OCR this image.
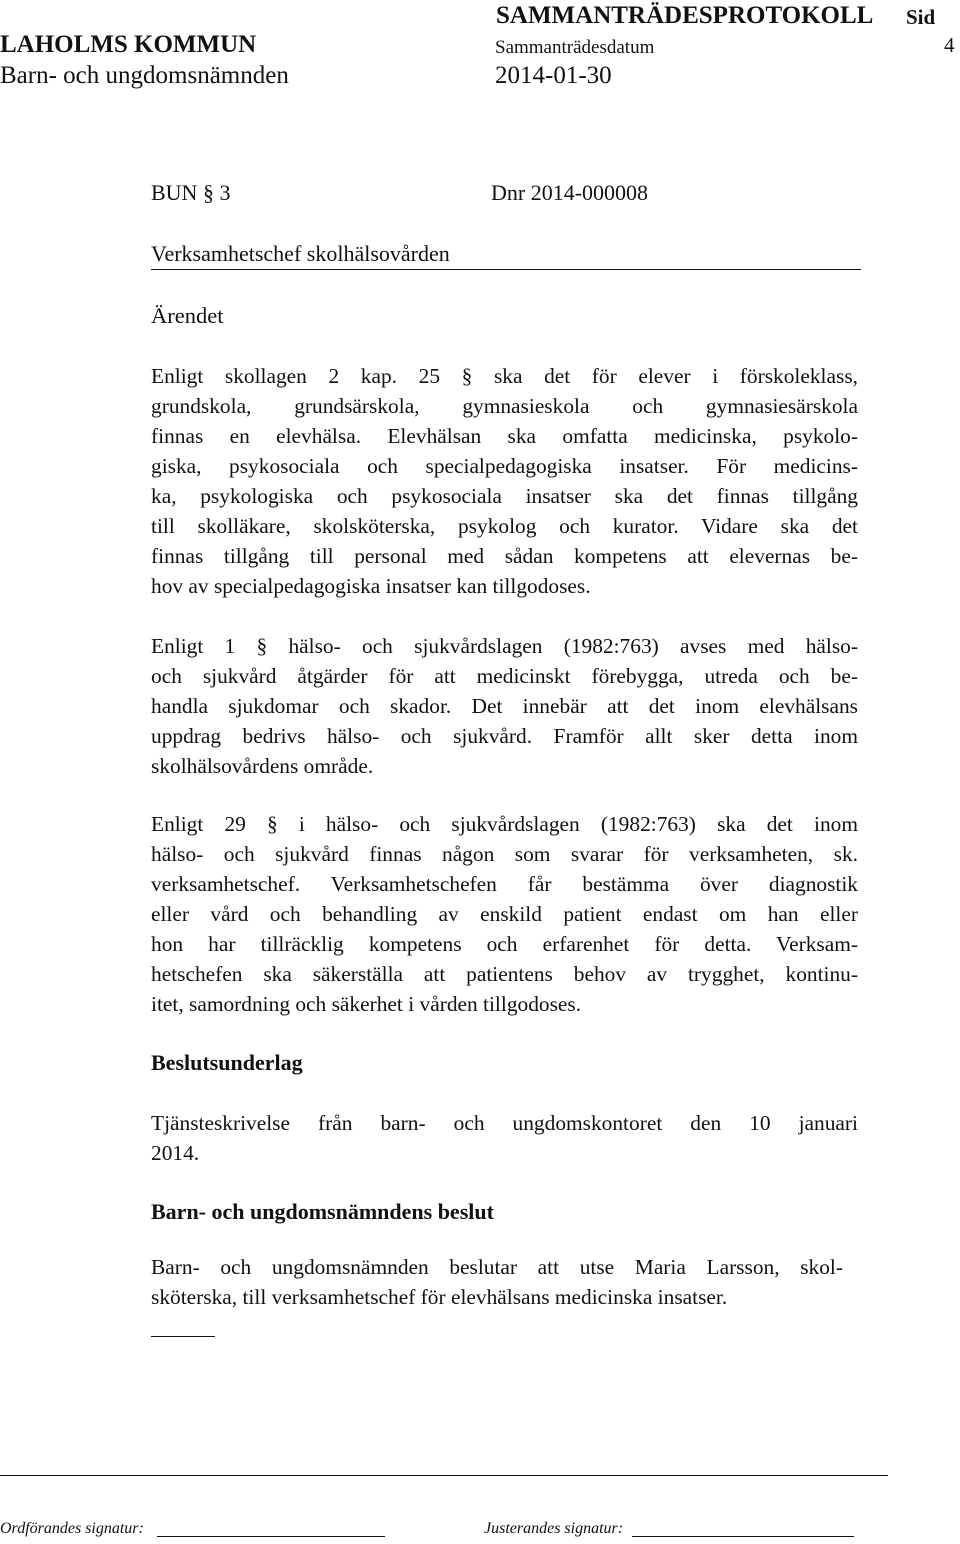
SAMMANTRÄDESPROTOKOLL Sid
LAHOLMS KOMMUN	Sammanträdesdatum	4
Barn- och ungdomsnämnden	2014-01-30
BUN § 3	Dnr 2014-000008
Verksamhetschef skolhälsovården
Ärendet
Enligt skollagen 2 kap. 25 § ska det för elever i förskoleklass,
grundskola, grundsärskola, gymnasieskola och gymnasiesärskola
finnas en elevhälsa. Elevhälsan ska omfatta medicinska, psykolo-
giska, psykosociala och specialpedagogiska insatser. För medicins-
ka, psykologiska och psykosociala insatser ska det finnas tillgång
till skolläkare, skolsköterska, psykolog och kurator. Vidare ska det
finnas tillgång till personal med sådan kompetens att elevernas be-
hov av specialpedagogiska insatser kan tillgodoses.
Enligt 1 § hälso- och sjukvårdslagen (1982:763) avses med hälso-
och sjukvård åtgärder för att medicinskt förebygga, utreda och be-
handla sjukdomar och skador. Det innebär att det inom elevhälsans
uppdrag bedrivs hälso- och sjukvård. Framför allt sker detta inom
skolhälsovårdens område.
Enligt 29 § i hälso- och sjukvårdslagen (1982:763) ska det inom
hälso- och sjukvård finnas någon som svarar för verksamheten, sk.
verksamhetschef. Verksamhetschefen får bestämma över diagnostik
eller vård och behandling av enskild patient endast om han eller
hon har tillräcklig kompetens och erfarenhet för detta. Verksam-
hetschefen ska säkerställa att patientens behov av trygghet, kontinu-
itet, samordning och säkerhet i vården tillgodoses.
Beslutsunderlag
Tjänsteskrivelse från barn- och ungdomskontoret den 10 januari
2014.
Barn- och ungdomsnämndens beslut
Barn- och ungdomsnämnden beslutar att utse Maria Larsson, skol-
sköterska, till verksamhetschef för elevhälsans medicinska insatser.
Ordförandes signatur:	Justerandes signatur:
